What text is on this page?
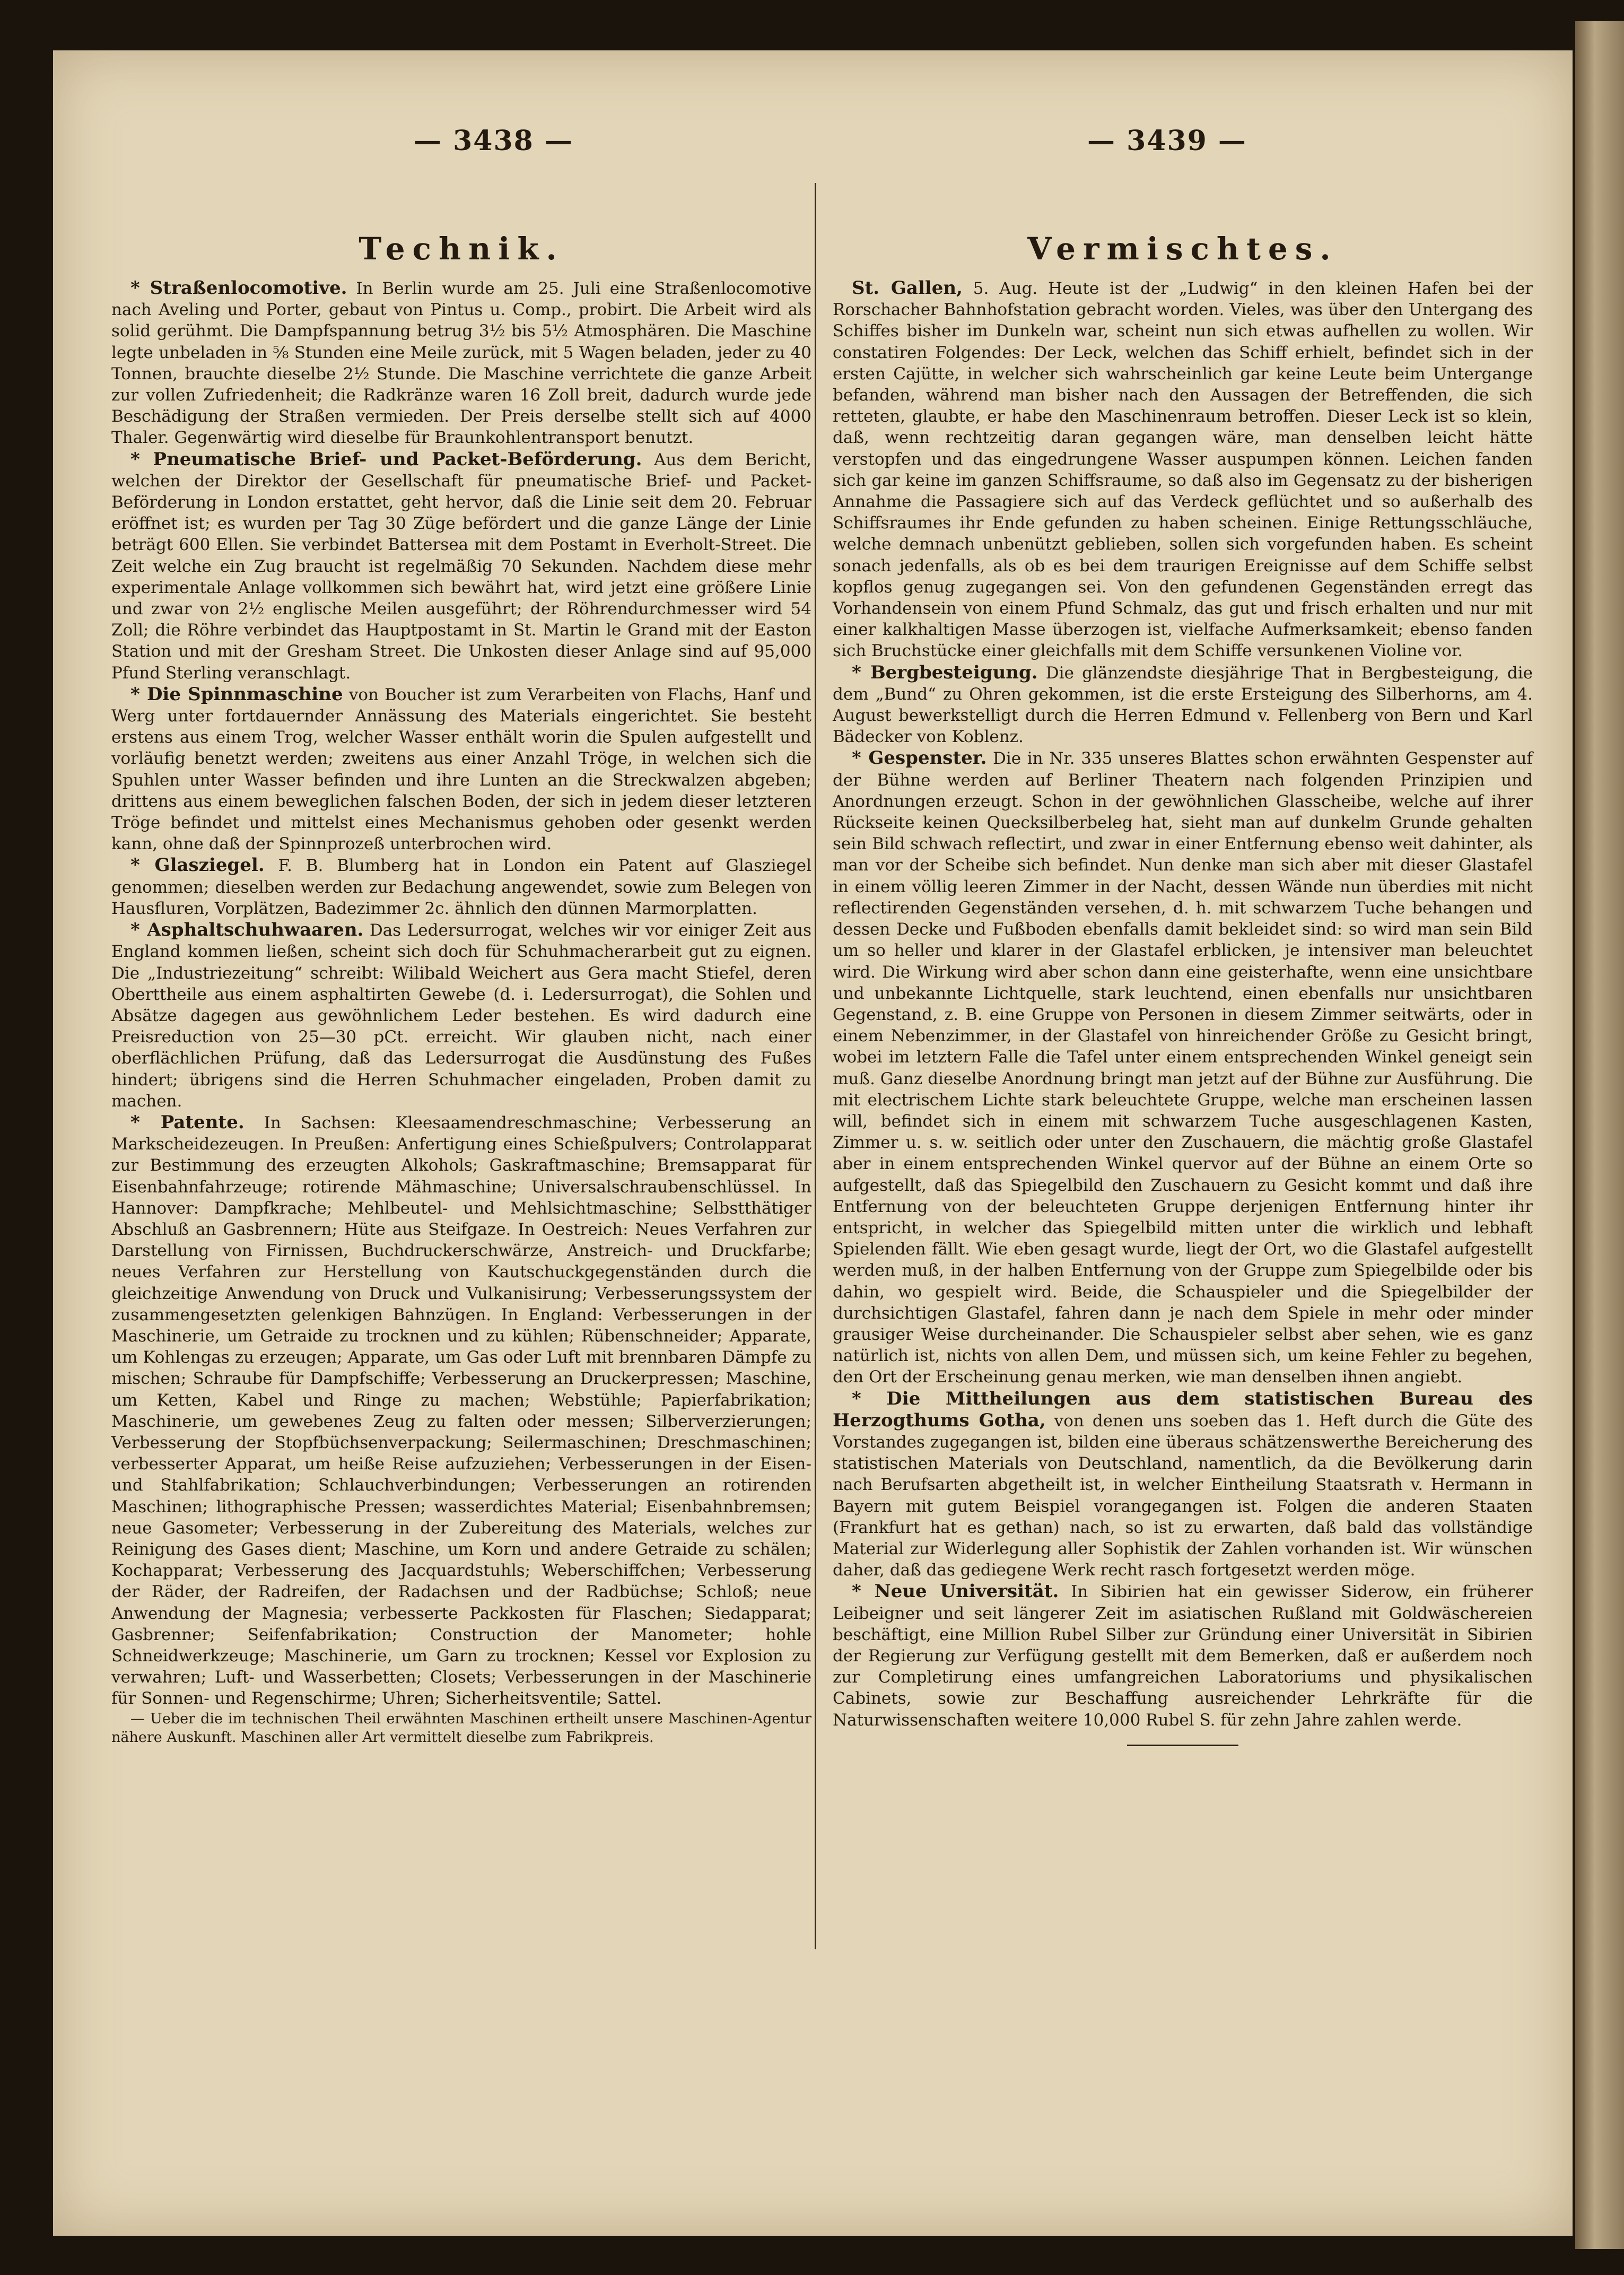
— 3438 —	— 3439 —
Technik.

* Straßenlocomotive. In Berlin wurde am 25. Juli eine Straßenlocomotive nach Aveling und Porter, gebaut von Pintus u. Comp., probirt. Die Arbeit wird als solid gerühmt. Die Dampfspannung betrug 3½ bis 5½ Atmosphären. Die Maschine legte unbeladen in ⅝ Stunden eine Meile zurück, mit 5 Wagen beladen, jeder zu 40 Tonnen, brauchte dieselbe 2½ Stunde. Die Maschine verrichtete die ganze Arbeit zur vollen Zufriedenheit; die Radkränze waren 16 Zoll breit, dadurch wurde jede Beschädigung der Straßen vermieden. Der Preis derselbe stellt sich auf 4000 Thaler. Gegenwärtig wird dieselbe für Braunkohlentransport benutzt.

* Pneumatische Brief- und Packet-Beförderung. Aus dem Bericht, welchen der Direktor der Gesellschaft für pneumatische Brief- und Packet-Beförderung in London erstattet, geht hervor, daß die Linie seit dem 20. Februar eröffnet ist; es wurden per Tag 30 Züge befördert und die ganze Länge der Linie beträgt 600 Ellen. Sie verbindet Battersea mit dem Postamt in Everholt-Street. Die Zeit welche ein Zug braucht ist regelmäßig 70 Sekunden. Nachdem diese mehr experimentale Anlage vollkommen sich bewährt hat, wird jetzt eine größere Linie und zwar von 2½ englische Meilen ausgeführt; der Röhrendurchmesser wird 54 Zoll; die Röhre verbindet das Hauptpostamt in St. Martin le Grand mit der Easton Station und mit der Gresham Street. Die Unkosten dieser Anlage sind auf 95,000 Pfund Sterling veranschlagt.

* Die Spinnmaschine von Boucher ist zum Verarbeiten von Flachs, Hanf und Werg unter fortdauernder Annässung des Materials eingerichtet. Sie besteht erstens aus einem Trog, welcher Wasser enthält worin die Spulen aufgestellt und vorläufig benetzt werden; zweitens aus einer Anzahl Tröge, in welchen sich die Spuhlen unter Wasser befinden und ihre Lunten an die Streckwalzen abgeben; drittens aus einem beweglichen falschen Boden, der sich in jedem dieser letzteren Tröge befindet und mittelst eines Mechanismus gehoben oder gesenkt werden kann, ohne daß der Spinnprozeß unterbrochen wird.

* Glasziegel. F. B. Blumberg hat in London ein Patent auf Glasziegel genommen; dieselben werden zur Bedachung angewendet, sowie zum Belegen von Hausfluren, Vorplätzen, Badezimmer 2c. ähnlich den dünnen Marmorplatten.

* Asphaltschuhwaaren. Das Ledersurrogat, welches wir vor einiger Zeit aus England kommen ließen, scheint sich doch für Schuhmacherarbeit gut zu eignen. Die „Industriezeitung“ schreibt: Wilibald Weichert aus Gera macht Stiefel, deren Oberttheile aus einem asphaltirten Gewebe (d. i. Ledersurrogat), die Sohlen und Absätze dagegen aus gewöhnlichem Leder bestehen. Es wird dadurch eine Preisreduction von 25—30 pCt. erreicht. Wir glauben nicht, nach einer oberflächlichen Prüfung, daß das Ledersurrogat die Ausdünstung des Fußes hindert; übrigens sind die Herren Schuhmacher eingeladen, Proben damit zu machen.

* Patente. In Sachsen: Kleesaamendreschmaschine; Verbesserung an Markscheidezeugen. In Preußen: Anfertigung eines Schießpulvers; Controlapparat zur Bestimmung des erzeugten Alkohols; Gaskraftmaschine; Bremsapparat für Eisenbahnfahrzeuge; rotirende Mähmaschine; Universalschraubenschlüssel. In Hannover: Dampfkrache; Mehlbeutel- und Mehlsichtmaschine; Selbstthätiger Abschluß an Gasbrennern; Hüte aus Steifgaze. In Oestreich: Neues Verfahren zur Darstellung von Firnissen, Buchdruckerschwärze, Anstreich- und Druckfarbe; neues Verfahren zur Herstellung von Kautschuckgegenständen durch die gleichzeitige Anwendung von Druck und Vulkanisirung; Verbesserungssystem der zusammengesetzten gelenkigen Bahnzügen. In England: Verbesserungen in der Maschinerie, um Getraide zu trocknen und zu kühlen; Rübenschneider; Apparate, um Kohlengas zu erzeugen; Apparate, um Gas oder Luft mit brennbaren Dämpfe zu mischen; Schraube für Dampfschiffe; Verbesserung an Druckerpressen; Maschine, um Ketten, Kabel und Ringe zu machen; Webstühle; Papierfabrikation; Maschinerie, um gewebenes Zeug zu falten oder messen; Silberverzierungen; Verbesserung der Stopfbüchsenverpackung; Seilermaschinen; Dreschmaschinen; verbesserter Apparat, um heiße Reise aufzuziehen; Verbesserungen in der Eisen- und Stahlfabrikation; Schlauchverbindungen; Verbesserungen an rotirenden Maschinen; lithographische Pressen; wasserdichtes Material; Eisenbahnbremsen; neue Gasometer; Verbesserung in der Zubereitung des Materials, welches zur Reinigung des Gases dient; Maschine, um Korn und andere Getraide zu schälen; Kochapparat; Verbesserung des Jacquardstuhls; Weberschiffchen; Verbesserung der Räder, der Radreifen, der Radachsen und der Radbüchse; Schloß; neue Anwendung der Magnesia; verbesserte Packkosten für Flaschen; Siedapparat; Gasbrenner; Seifenfabrikation; Construction der Manometer; hohle Schneidwerkzeuge; Maschinerie, um Garn zu trocknen; Kessel vor Explosion zu verwahren; Luft- und Wasserbetten; Closets; Verbesserungen in der Maschinerie für Sonnen- und Regenschirme; Uhren; Sicherheitsventile; Sattel.

— Ueber die im technischen Theil erwähnten Maschinen ertheilt unsere Maschinen-Agentur nähere Auskunft. Maschinen aller Art vermittelt dieselbe zum Fabrikpreis.

Vermischtes.

St. Gallen, 5. Aug. Heute ist der „Ludwig“ in den kleinen Hafen bei der Rorschacher Bahnhofstation gebracht worden. Vieles, was über den Untergang des Schiffes bisher im Dunkeln war, scheint nun sich etwas aufhellen zu wollen. Wir constatiren Folgendes: Der Leck, welchen das Schiff erhielt, befindet sich in der ersten Cajütte, in welcher sich wahrscheinlich gar keine Leute beim Untergange befanden, während man bisher nach den Aussagen der Betreffenden, die sich retteten, glaubte, er habe den Maschinenraum betroffen. Dieser Leck ist so klein, daß, wenn rechtzeitig daran gegangen wäre, man denselben leicht hätte verstopfen und das eingedrungene Wasser auspumpen können. Leichen fanden sich gar keine im ganzen Schiffsraume, so daß also im Gegensatz zu der bisherigen Annahme die Passagiere sich auf das Verdeck geflüchtet und so außerhalb des Schiffsraumes ihr Ende gefunden zu haben scheinen. Einige Rettungsschläuche, welche demnach unbenützt geblieben, sollen sich vorgefunden haben. Es scheint sonach jedenfalls, als ob es bei dem traurigen Ereignisse auf dem Schiffe selbst kopflos genug zugegangen sei. Von den gefundenen Gegenständen erregt das Vorhandensein von einem Pfund Schmalz, das gut und frisch erhalten und nur mit einer kalkhaltigen Masse überzogen ist, vielfache Aufmerksamkeit; ebenso fanden sich Bruchstücke einer gleichfalls mit dem Schiffe versunkenen Violine vor.

* Bergbesteigung. Die glänzendste diesjährige That in Bergbesteigung, die dem „Bund“ zu Ohren gekommen, ist die erste Ersteigung des Silberhorns, am 4. August bewerkstelligt durch die Herren Edmund v. Fellenberg von Bern und Karl Bädecker von Koblenz.

* Gespenster. Die in Nr. 335 unseres Blattes schon erwähnten Gespenster auf der Bühne werden auf Berliner Theatern nach folgenden Prinzipien und Anordnungen erzeugt. Schon in der gewöhnlichen Glasscheibe, welche auf ihrer Rückseite keinen Quecksilberbeleg hat, sieht man auf dunkelm Grunde gehalten sein Bild schwach reflectirt, und zwar in einer Entfernung ebenso weit dahinter, als man vor der Scheibe sich befindet. Nun denke man sich aber mit dieser Glastafel in einem völlig leeren Zimmer in der Nacht, dessen Wände nun überdies mit nicht reflectirenden Gegenständen versehen, d. h. mit schwarzem Tuche behangen und dessen Decke und Fußboden ebenfalls damit bekleidet sind: so wird man sein Bild um so heller und klarer in der Glastafel erblicken, je intensiver man beleuchtet wird. Die Wirkung wird aber schon dann eine geisterhafte, wenn eine unsichtbare und unbekannte Lichtquelle, stark leuchtend, einen ebenfalls nur unsichtbaren Gegenstand, z. B. eine Gruppe von Personen in diesem Zimmer seitwärts, oder in einem Nebenzimmer, in der Glastafel von hinreichender Größe zu Gesicht bringt, wobei im letztern Falle die Tafel unter einem entsprechenden Winkel geneigt sein muß. Ganz dieselbe Anordnung bringt man jetzt auf der Bühne zur Ausführung. Die mit electrischem Lichte stark beleuchtete Gruppe, welche man erscheinen lassen will, befindet sich in einem mit schwarzem Tuche ausgeschlagenen Kasten, Zimmer u. s. w. seitlich oder unter den Zuschauern, die mächtig große Glastafel aber in einem entsprechenden Winkel quervor auf der Bühne an einem Orte so aufgestellt, daß das Spiegelbild den Zuschauern zu Gesicht kommt und daß ihre Entfernung von der beleuchteten Gruppe derjenigen Entfernung hinter ihr entspricht, in welcher das Spiegelbild mitten unter die wirklich und lebhaft Spielenden fällt. Wie eben gesagt wurde, liegt der Ort, wo die Glastafel aufgestellt werden muß, in der halben Entfernung von der Gruppe zum Spiegelbilde oder bis dahin, wo gespielt wird. Beide, die Schauspieler und die Spiegelbilder der durchsichtigen Glastafel, fahren dann je nach dem Spiele in mehr oder minder grausiger Weise durcheinander. Die Schauspieler selbst aber sehen, wie es ganz natürlich ist, nichts von allen Dem, und müssen sich, um keine Fehler zu begehen, den Ort der Erscheinung genau merken, wie man denselben ihnen angiebt.

* Die Mittheilungen aus dem statistischen Bureau des Herzogthums Gotha, von denen uns soeben das 1. Heft durch die Güte des Vorstandes zugegangen ist, bilden eine überaus schätzenswerthe Bereicherung des statistischen Materials von Deutschland, namentlich, da die Bevölkerung darin nach Berufsarten abgetheilt ist, in welcher Eintheilung Staatsrath v. Hermann in Bayern mit gutem Beispiel vorangegangen ist. Folgen die anderen Staaten (Frankfurt hat es gethan) nach, so ist zu erwarten, daß bald das vollständige Material zur Widerlegung aller Sophistik der Zahlen vorhanden ist. Wir wünschen daher, daß das gediegene Werk recht rasch fortgesetzt werden möge.

* Neue Universität. In Sibirien hat ein gewisser Siderow, ein früherer Leibeigner und seit längerer Zeit im asiatischen Rußland mit Goldwäschereien beschäftigt, eine Million Rubel Silber zur Gründung einer Universität in Sibirien der Regierung zur Verfügung gestellt mit dem Bemerken, daß er außerdem noch zur Completirung eines umfangreichen Laboratoriums und physikalischen Cabinets, sowie zur Beschaffung ausreichender Lehrkräfte für die Naturwissenschaften weitere 10,000 Rubel S. für zehn Jahre zahlen werde.
